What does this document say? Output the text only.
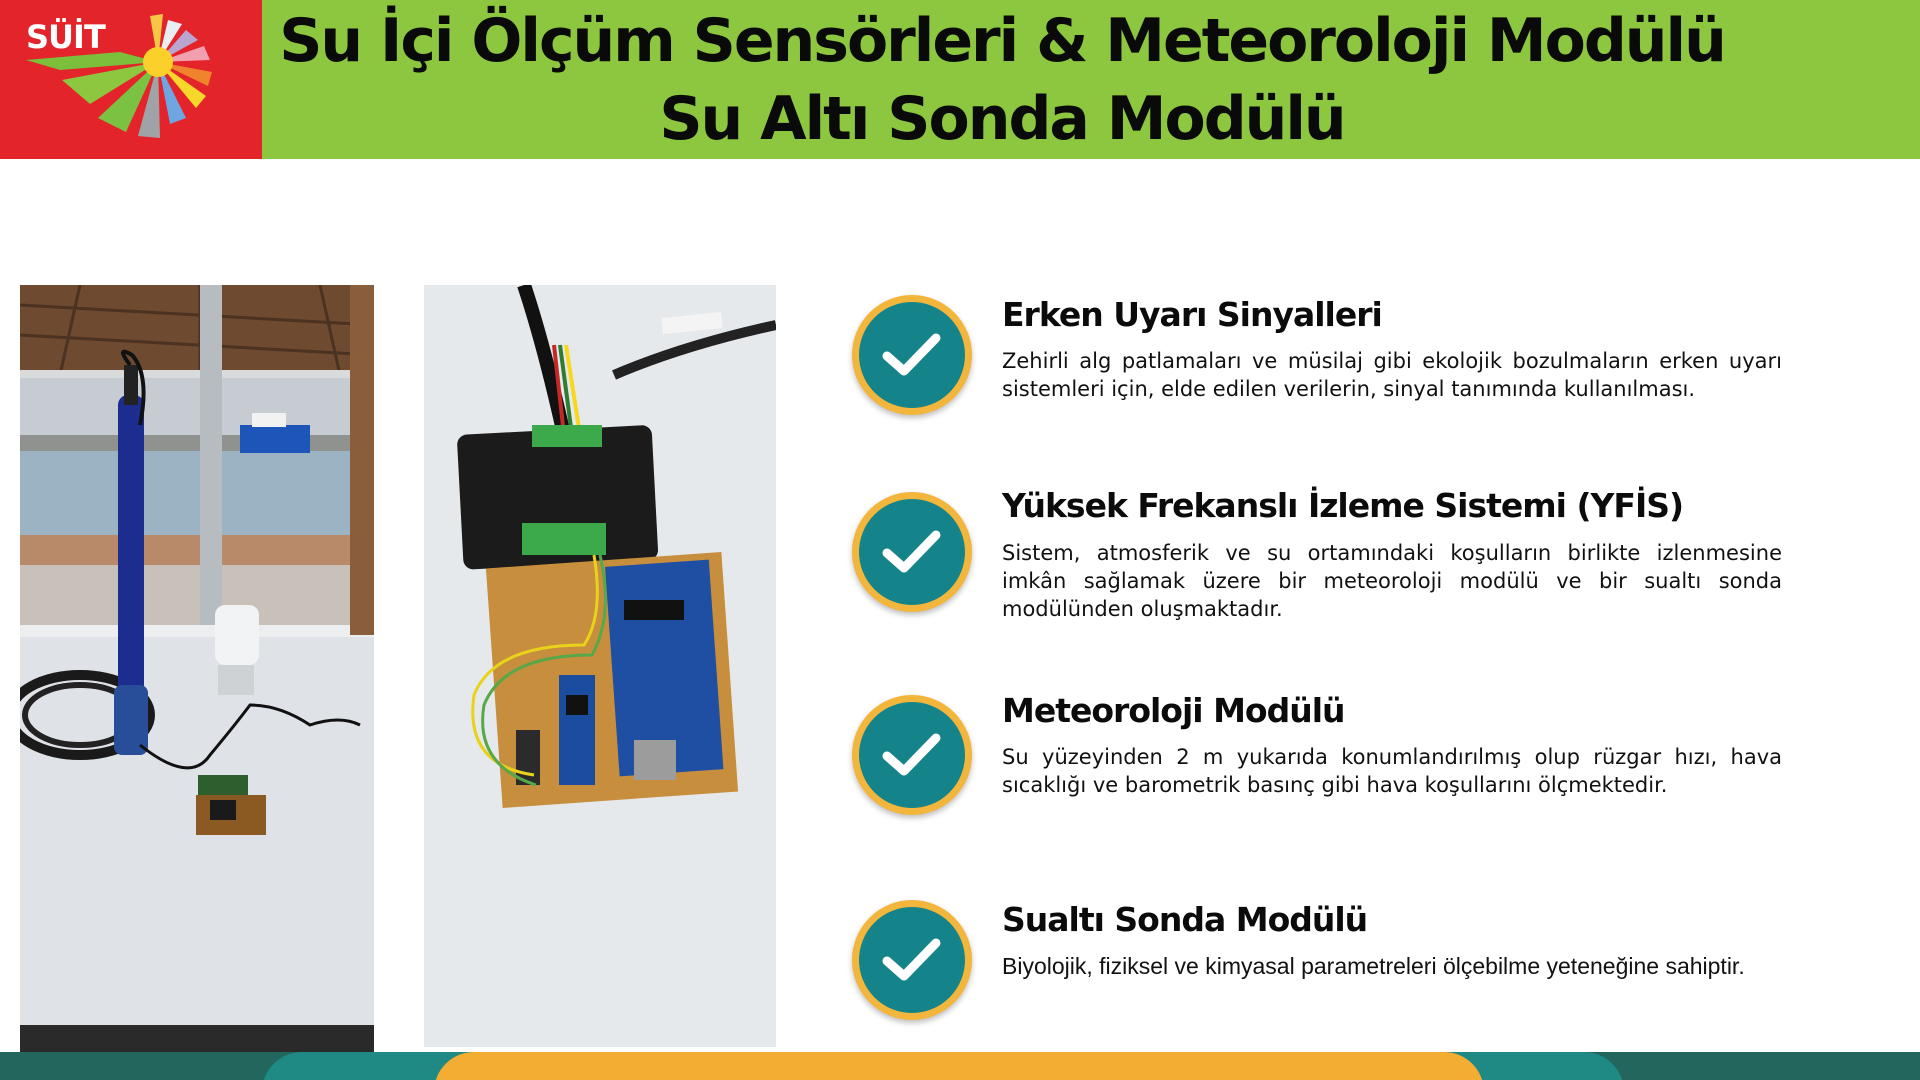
SÜİT	Su İçi Ölçüm Sensörleri & Meteoroloji Modülü
Su Altı Sonda Modülü
Erken Uyarı Sinyalleri
Zehirli alg patlamaları ve müsilaj gibi ekolojik bozulmaların erken uyarı sistemleri için, elde edilen verilerin, sinyal tanımında kullanılması.
Yüksek Frekanslı İzleme Sistemi (YFİS)
Sistem, atmosferik ve su ortamındaki koşulların birlikte izlenmesine imkân sağlamak üzere bir meteoroloji modülü ve bir sualtı sonda modülünden oluşmaktadır.
Meteoroloji Modülü
Su yüzeyinden 2 m yukarıda konumlandırılmış olup rüzgar hızı, hava sıcaklığı ve barometrik basınç gibi hava koşullarını ölçmektedir.
Sualtı Sonda Modülü
Biyolojik, fiziksel ve kimyasal parametreleri ölçebilme yeteneğine sahiptir.
